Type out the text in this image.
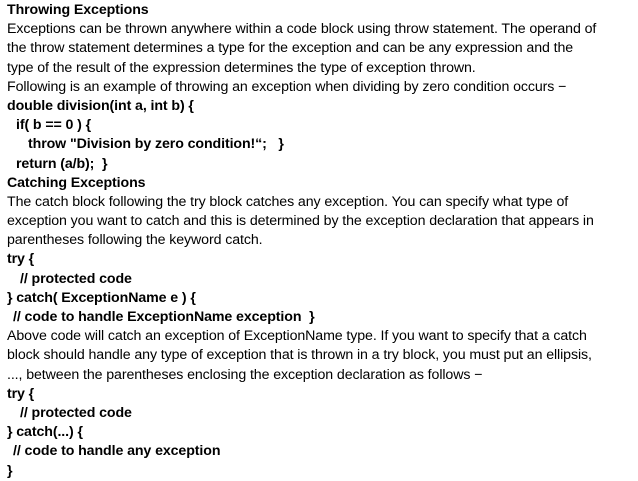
Throwing Exceptions
Exceptions can be thrown anywhere within a code block using throw statement. The operand of
the throw statement determines a type for the exception and can be any expression and the
type of the result of the expression determines the type of exception thrown.
Following is an example of throwing an exception when dividing by zero condition occurs −
double division(int a, int b) {
if( b == 0 ) {
throw "Division by zero condition!“;   }
return (a/b);  }
Catching Exceptions
The catch block following the try block catches any exception. You can specify what type of
exception you want to catch and this is determined by the exception declaration that appears in
parentheses following the keyword catch.
try {
// protected code
} catch( ExceptionName e ) {
// code to handle ExceptionName exception  }
Above code will catch an exception of ExceptionName type. If you want to specify that a catch
block should handle any type of exception that is thrown in a try block, you must put an ellipsis,
..., between the parentheses enclosing the exception declaration as follows −
try {
// protected code
} catch(...) {
// code to handle any exception
}
